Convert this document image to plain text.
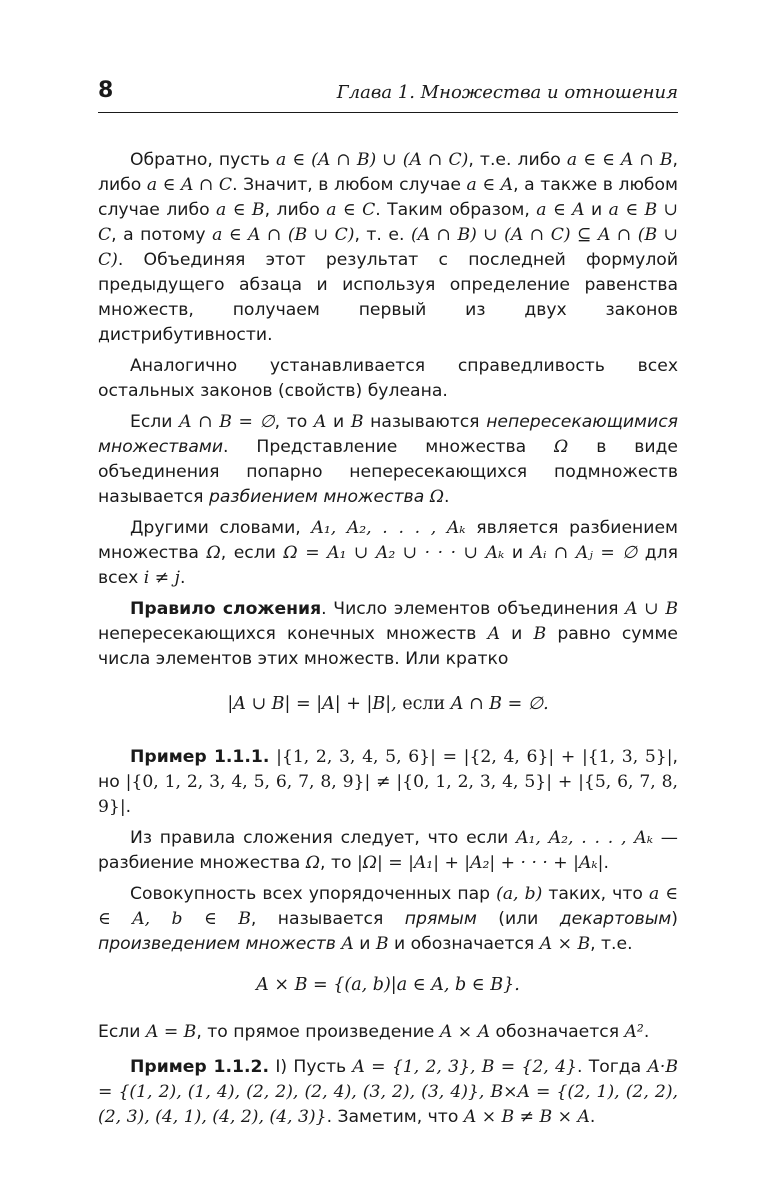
8	Глава 1. Множества и отношения

Обратно, пусть a ∈ (A ∩ B) ∪ (A ∩ C), т.е. либо a ∈ ∈ A ∩ B, либо a ∈ A ∩ C. Значит, в любом случае a ∈ A, а также в любом случае либо a ∈ B, либо a ∈ C. Таким образом, a ∈ A и a ∈ B ∪ C, а потому a ∈ A ∩ (B ∪ C), т. е. (A ∩ B) ∪ (A ∩ C) ⊆ A ∩ (B ∪ C). Объединяя этот результат с последней формулой предыдущего абзаца и используя определение равенства множеств, получаем первый из двух законов дистрибутивности.

Аналогично устанавливается справедливость всех остальных законов (свойств) булеана.

Если A ∩ B = ∅, то A и B называются непересекающимися множествами. Представление множества Ω в виде объединения попарно непересекающихся подмножеств называется разбиением множества Ω.

Другими словами, A₁, A₂, . . . , Aₖ является разбиением множества Ω, если Ω = A₁ ∪ A₂ ∪ · · · ∪ Aₖ и Aᵢ ∩ Aⱼ = ∅ для всех i ≠ j.

Правило сложения. Число элементов объединения A ∪ B непересекающихся конечных множеств A и B равно сумме числа элементов этих множеств. Или кратко

|A ∪ B| = |A| + |B|, если A ∩ B = ∅.

Пример 1.1.1. |{1, 2, 3, 4, 5, 6}| = |{2, 4, 6}| + |{1, 3, 5}|, но |{0, 1, 2, 3, 4, 5, 6, 7, 8, 9}| ≠ |{0, 1, 2, 3, 4, 5}| + |{5, 6, 7, 8, 9}|.

Из правила сложения следует, что если A₁, A₂, . . . , Aₖ — разбиение множества Ω, то |Ω| = |A₁| + |A₂| + · · · + |Aₖ|.

Совокупность всех упорядоченных пар (a, b) таких, что a ∈ ∈ A, b ∈ B, называется прямым (или декартовым) произведением множеств A и B и обозначается A × B, т.е.

A × B = {(a, b)|a ∈ A, b ∈ B}.

Если A = B, то прямое произведение A × A обозначается A².

Пример 1.1.2. I) Пусть A = {1, 2, 3}, B = {2, 4}. Тогда A·B = {(1, 2), (1, 4), (2, 2), (2, 4), (3, 2), (3, 4)}, B×A = {(2, 1), (2, 2), (2, 3), (4, 1), (4, 2), (4, 3)}. Заметим, что A × B ≠ B × A.
